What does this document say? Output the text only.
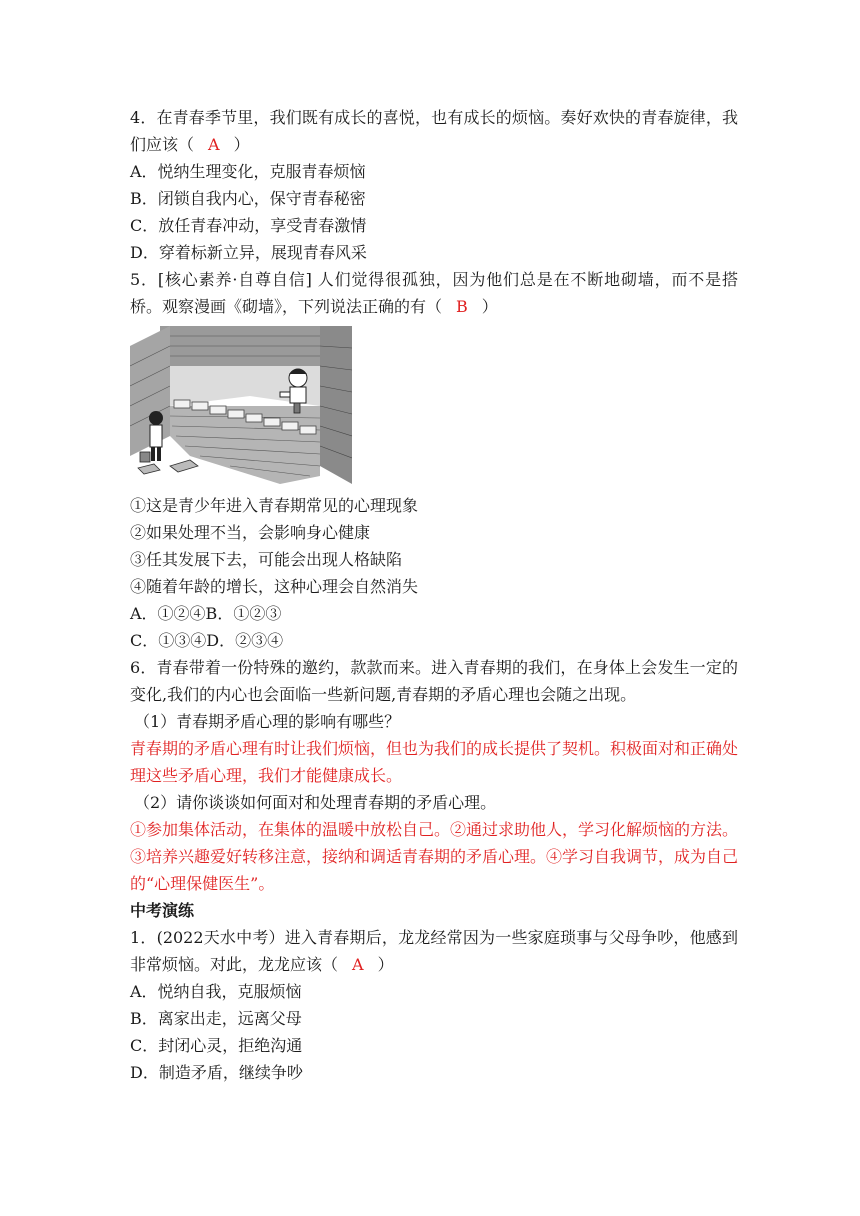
4．在青春季节里，我们既有成长的喜悦，也有成长的烦恼。奏好欢快的青春旋律，我们应该（ A ）

A．悦纳生理变化，克服青春烦恼

B．闭锁自我内心，保守青春秘密

C．放任青春冲动，享受青春激情

D．穿着标新立异，展现青春风采

5．[核心素养·自尊自信] 人们觉得很孤独，因为他们总是在不断地砌墙，而不是搭桥。观察漫画《砌墙》，下列说法正确的有（ B ）

①这是青少年进入青春期常见的心理现象

②如果处理不当，会影响身心健康

③任其发展下去，可能会出现人格缺陷

④随着年龄的增长，这种心理会自然消失

A．①②④B．①②③

C．①③④D．②③④

6．青春带着一份特殊的邀约，款款而来。进入青春期的我们，在身体上会发生一定的变化,我们的内心也会面临一些新问题,青春期的矛盾心理也会随之出现。

（1）青春期矛盾心理的影响有哪些？

青春期的矛盾心理有时让我们烦恼，但也为我们的成长提供了契机。积极面对和正确处理这些矛盾心理，我们才能健康成长。

（2）请你谈谈如何面对和处理青春期的矛盾心理。

①参加集体活动，在集体的温暖中放松自己。②通过求助他人，学习化解烦恼的方法。③培养兴趣爱好转移注意，接纳和调适青春期的矛盾心理。④学习自我调节，成为自己的“心理保健医生”。

中考演练

1．(2022天水中考）进入青春期后，龙龙经常因为一些家庭琐事与父母争吵，他感到非常烦恼。对此，龙龙应该（ A ）

A．悦纳自我，克服烦恼

B．离家出走，远离父母

C．封闭心灵，拒绝沟通

D．制造矛盾，继续争吵
